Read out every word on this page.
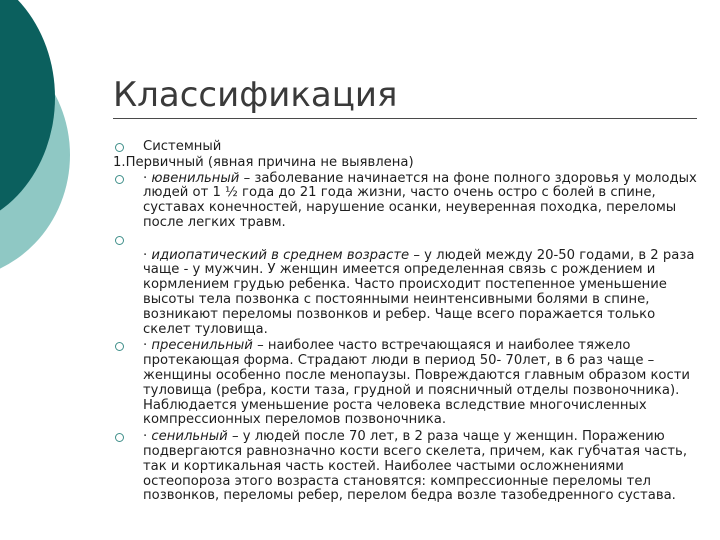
Классификация
Системный
1.Первичный (явная причина не выявлена)
· ювенильный – заболевание начинается на фоне полного здоровья у молодых людей от 1 ½ года до 21 года жизни, часто очень остро с болей в спине, суставах конечностей, нарушение осанки, неуверенная походка, переломы после легких травм.
· идиопатический в среднем возрасте – у людей между 20-50 годами, в 2 раза чаще - у мужчин. У женщин имеется определенная связь с рождением и кормлением грудью ребенка. Часто происходит постепенное уменьшение высоты тела позвонка с постоянными неинтенсивными болями в спине, возникают переломы позвонков и ребер. Чаще всего поражается только скелет туловища.
· пресенильный – наиболее часто встречающаяся и наиболее тяжело протекающая форма. Страдают люди в период 50- 70лет, в 6 раз чаще – женщины особенно после менопаузы. Повреждаются главным образом кости туловища (ребра, кости таза, грудной и поясничный отделы позвоночника). Наблюдается уменьшение роста человека вследствие многочисленных компрессионных переломов позвоночника.
· сенильный – у людей после 70 лет, в 2 раза чаще у женщин. Поражению подвергаются равнозначно кости всего скелета, причем, как губчатая часть, так и кортикальная часть костей. Наиболее частыми осложнениями остеопороза этого возраста становятся: компрессионные переломы тел позвонков, переломы ребер, перелом бедра возле тазобедренного сустава.
